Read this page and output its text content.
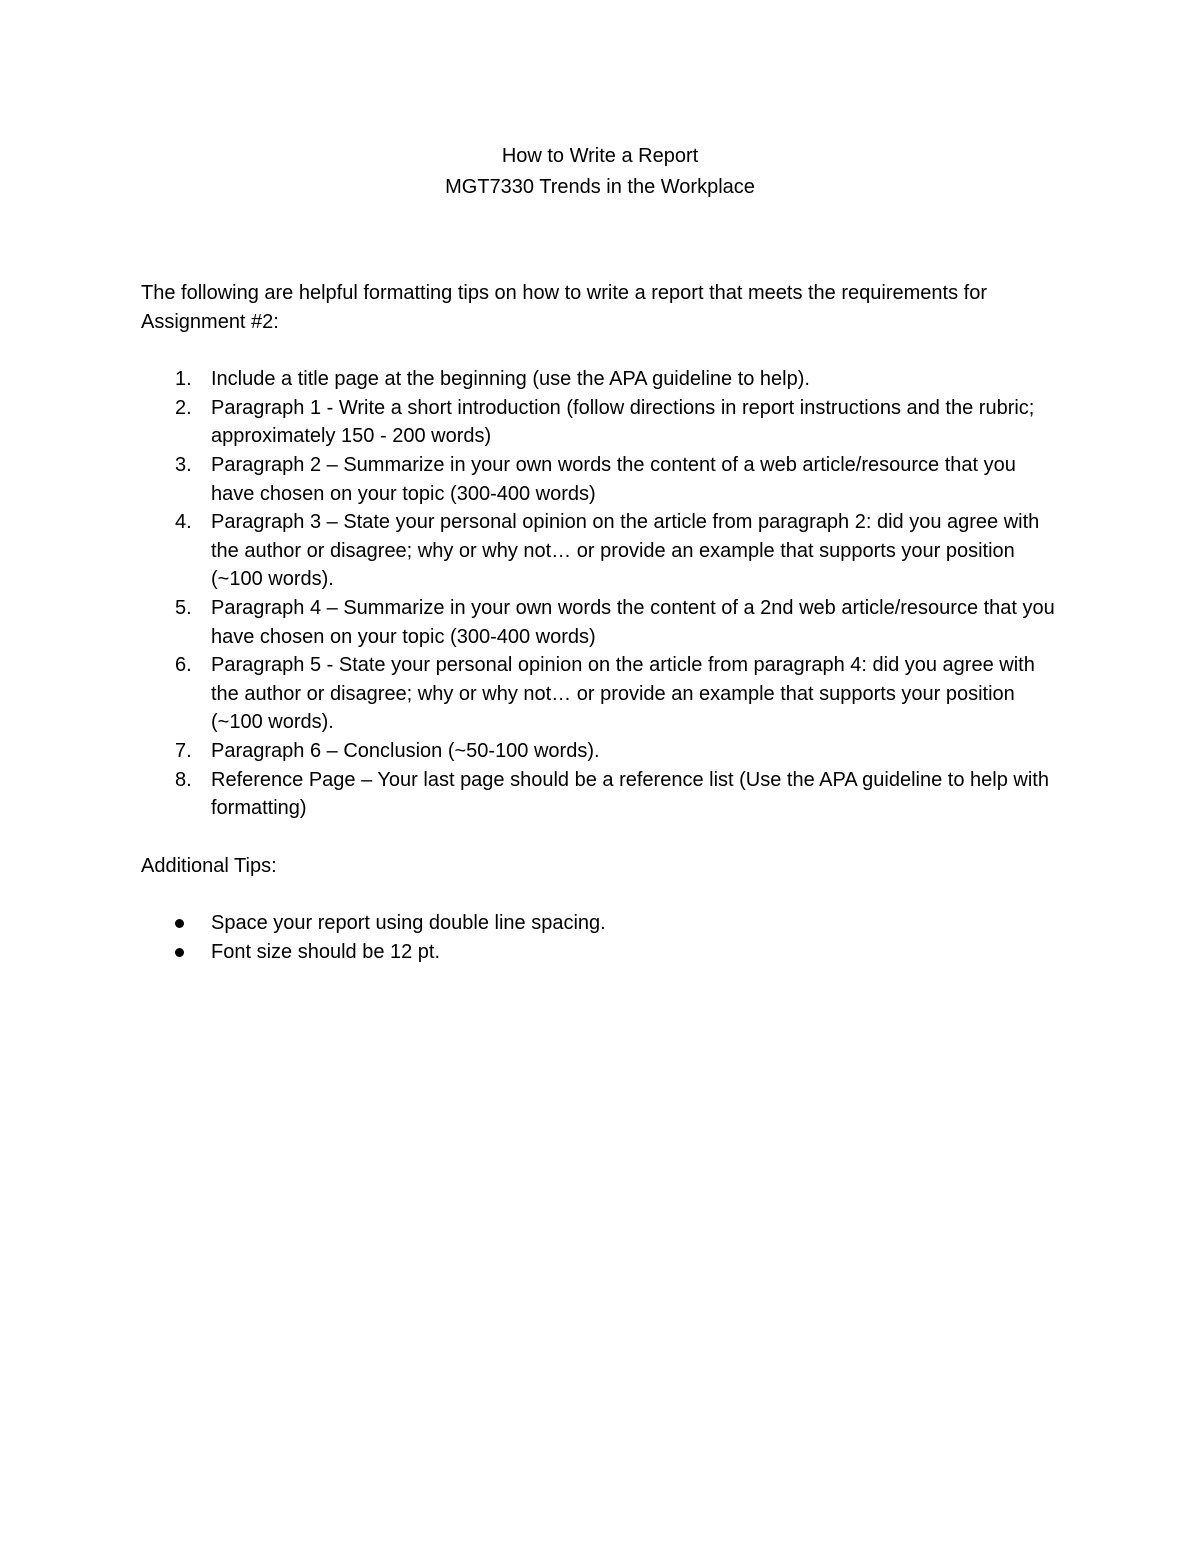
How to Write a Report
MGT7330 Trends in the Workplace

The following are helpful formatting tips on how to write a report that meets the requirements for Assignment #2:

1. Include a title page at the beginning (use the APA guideline to help).
2. Paragraph 1 - Write a short introduction (follow directions in report instructions and the rubric; approximately 150 - 200 words)
3. Paragraph 2 – Summarize in your own words the content of a web article/resource that you have chosen on your topic (300-400 words)
4. Paragraph 3 – State your personal opinion on the article from paragraph 2: did you agree with the author or disagree; why or why not… or provide an example that supports your position (~100 words).
5. Paragraph 4 – Summarize in your own words the content of a 2nd web article/resource that you have chosen on your topic (300-400 words)
6. Paragraph 5 - State your personal opinion on the article from paragraph 4: did you agree with the author or disagree; why or why not… or provide an example that supports your position (~100 words).
7. Paragraph 6 – Conclusion (~50-100 words).
8. Reference Page – Your last page should be a reference list (Use the APA guideline to help with formatting)

Additional Tips:

Space your report using double line spacing.
Font size should be 12 pt.
